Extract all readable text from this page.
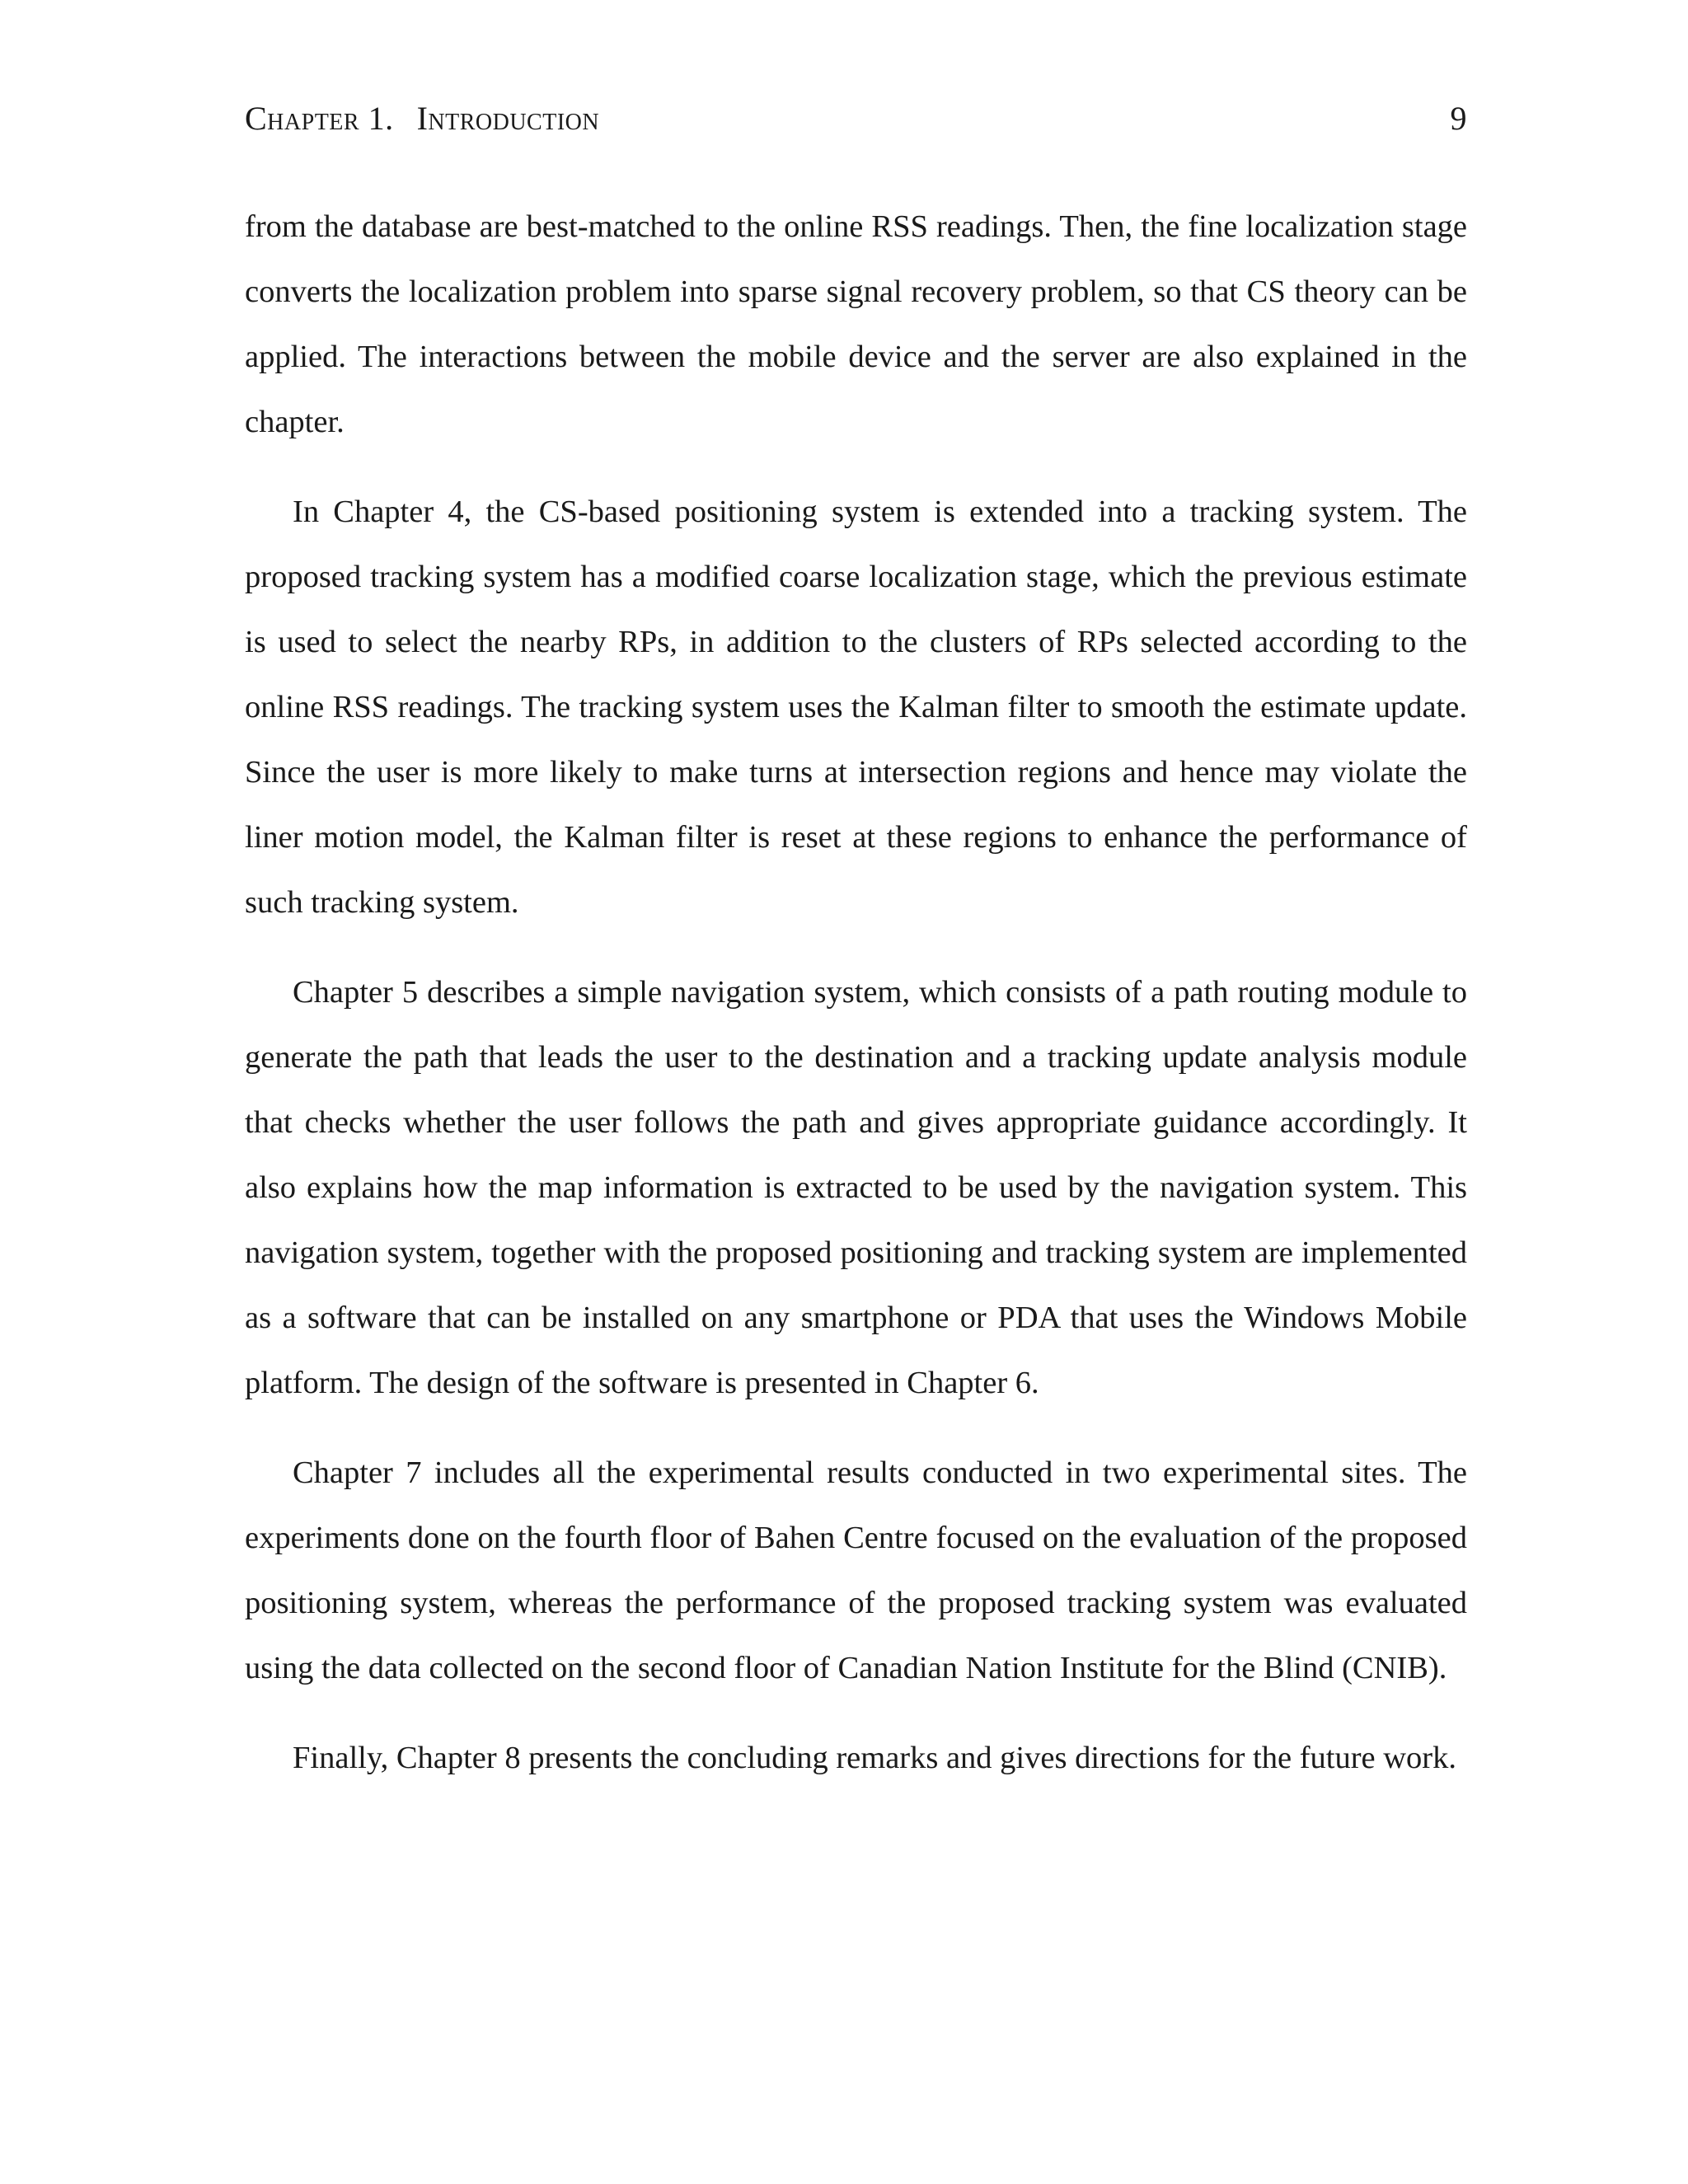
Chapter 1. Introduction	9

from the database are best-matched to the online RSS readings. Then, the fine localization stage converts the localization problem into sparse signal recovery problem, so that CS theory can be applied. The interactions between the mobile device and the server are also explained in the chapter.

In Chapter 4, the CS-based positioning system is extended into a tracking system. The proposed tracking system has a modified coarse localization stage, which the previous estimate is used to select the nearby RPs, in addition to the clusters of RPs selected according to the online RSS readings. The tracking system uses the Kalman filter to smooth the estimate update. Since the user is more likely to make turns at intersection regions and hence may violate the liner motion model, the Kalman filter is reset at these regions to enhance the performance of such tracking system.

Chapter 5 describes a simple navigation system, which consists of a path routing module to generate the path that leads the user to the destination and a tracking update analysis module that checks whether the user follows the path and gives appropriate guidance accordingly. It also explains how the map information is extracted to be used by the navigation system. This navigation system, together with the proposed positioning and tracking system are implemented as a software that can be installed on any smartphone or PDA that uses the Windows Mobile platform. The design of the software is presented in Chapter 6.

Chapter 7 includes all the experimental results conducted in two experimental sites. The experiments done on the fourth floor of Bahen Centre focused on the evaluation of the proposed positioning system, whereas the performance of the proposed tracking system was evaluated using the data collected on the second floor of Canadian Nation Institute for the Blind (CNIB).

Finally, Chapter 8 presents the concluding remarks and gives directions for the future work.
